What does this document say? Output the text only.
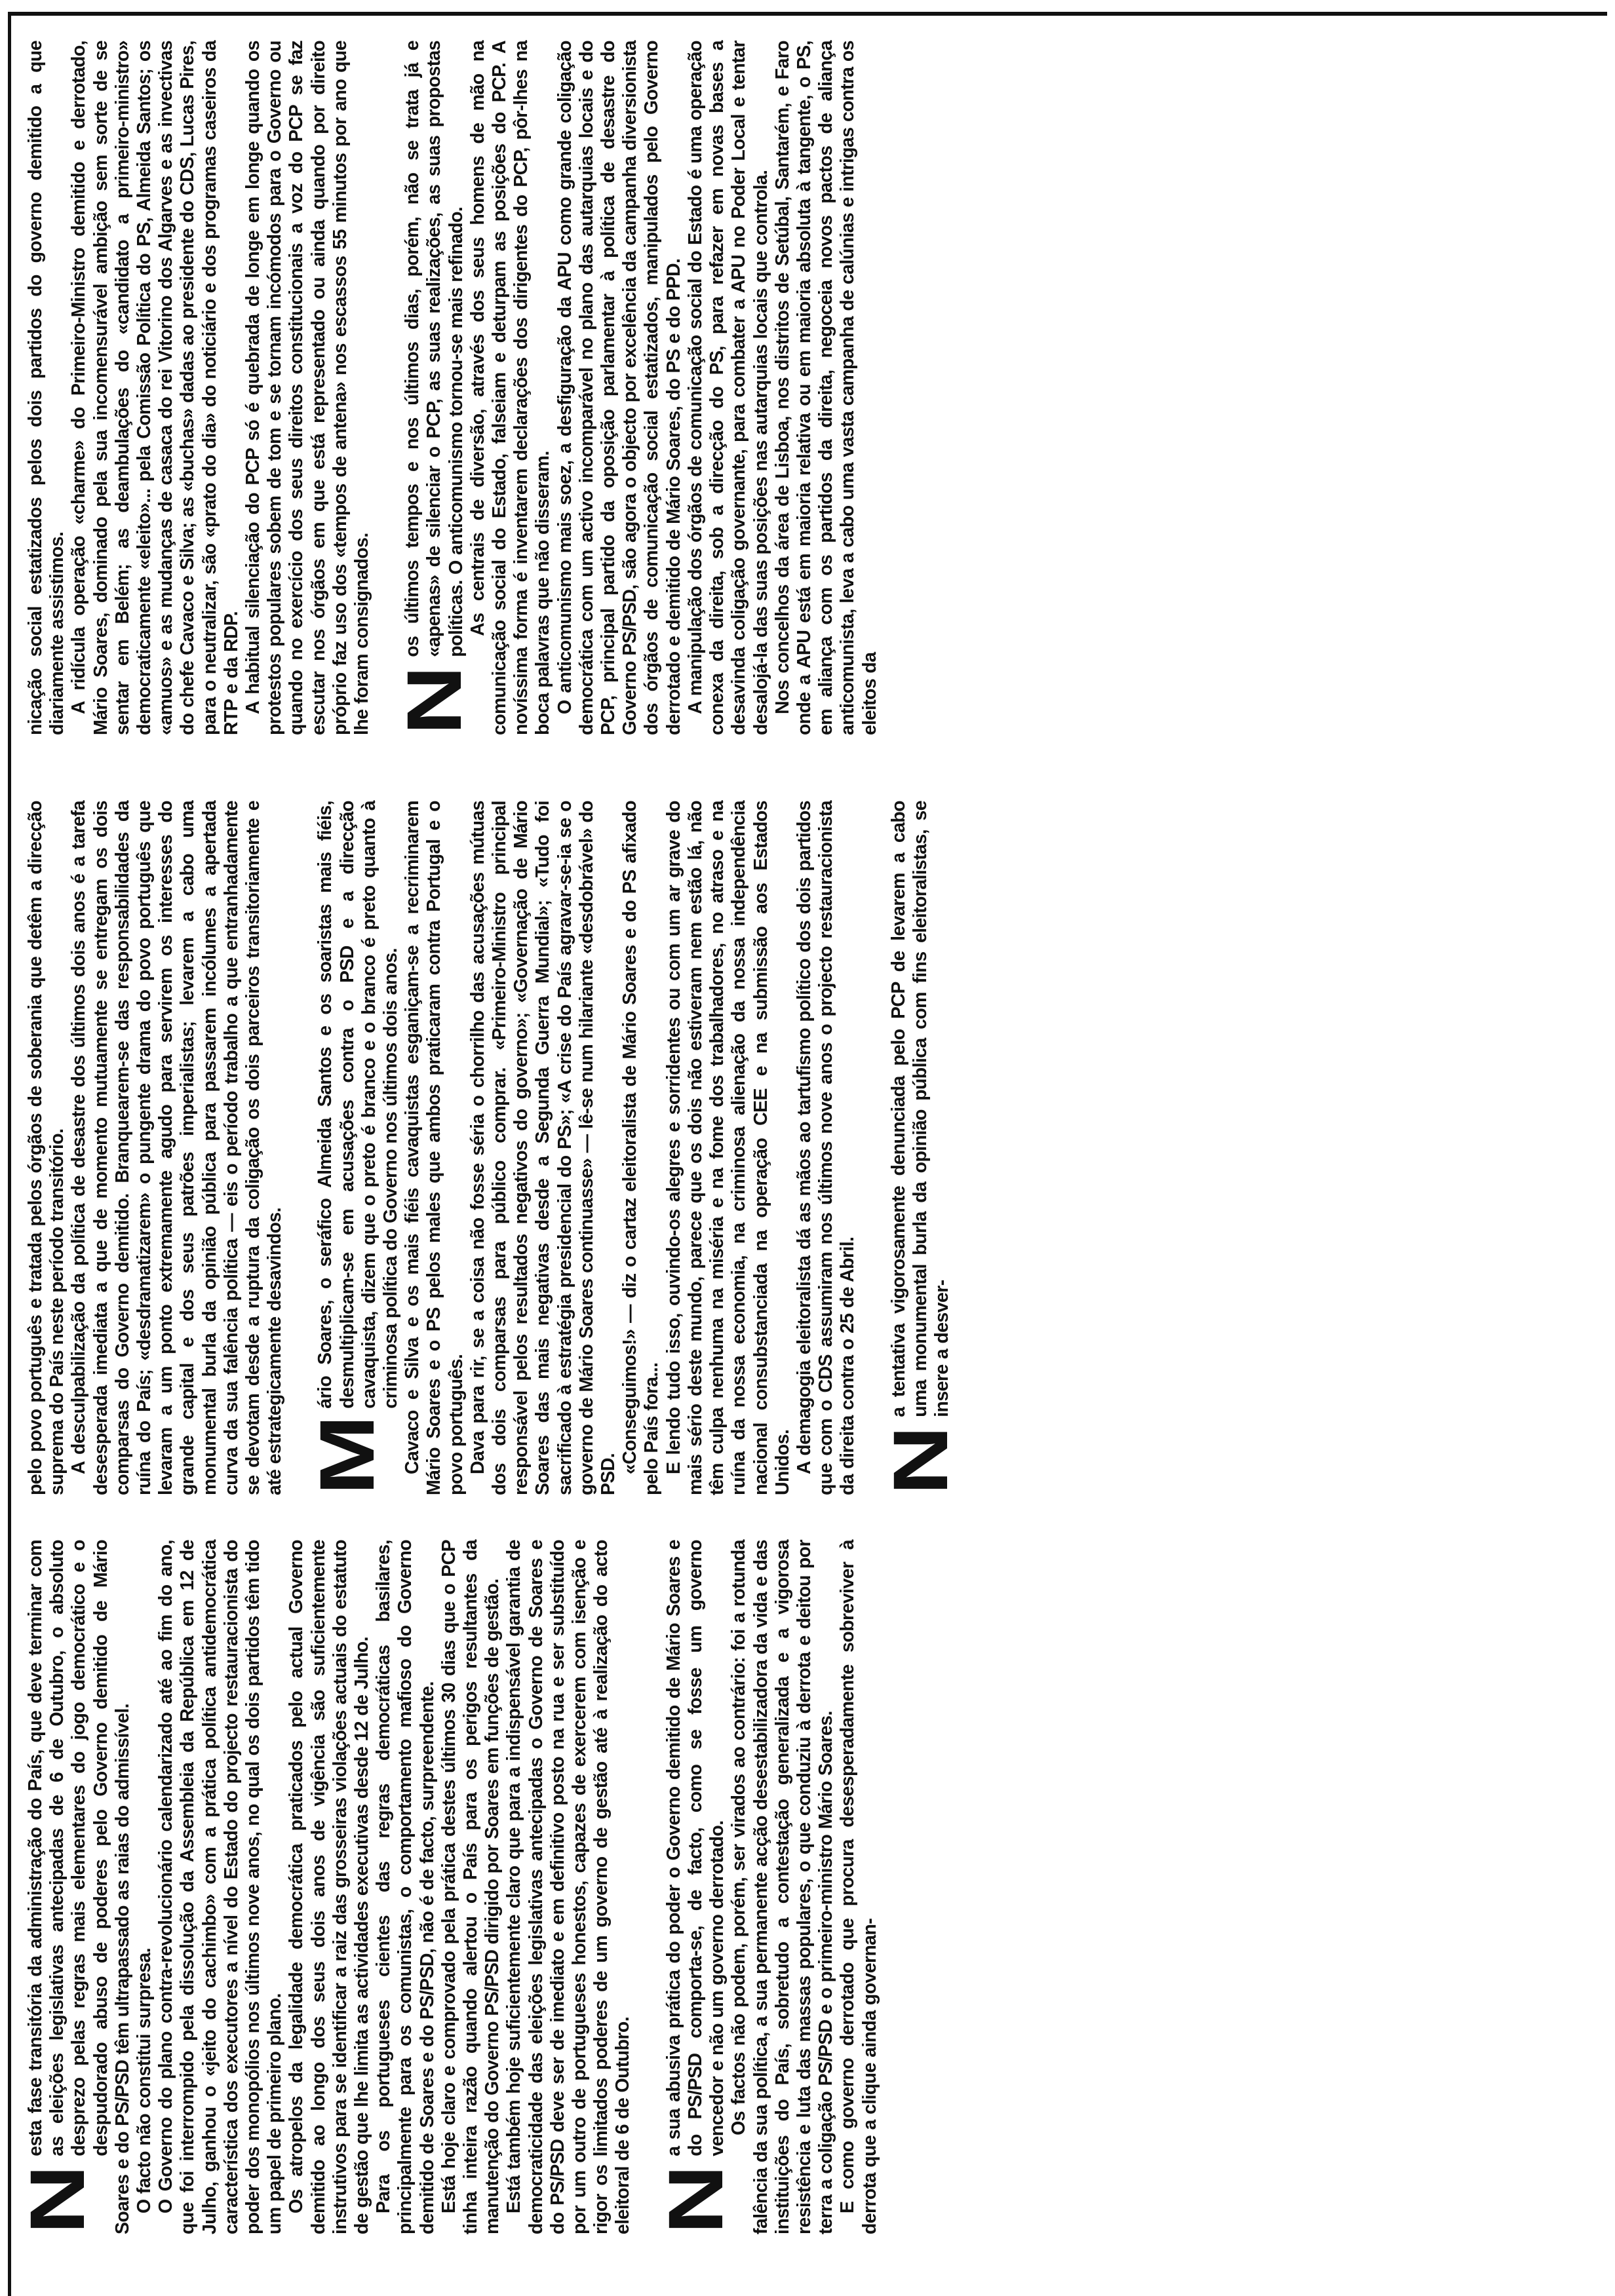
N
esta fase transitória da administração do País, que deve terminar com as eleições legislativas antecipadas de 6 de Outubro, o absoluto desprezo pelas regras mais elementares do jogo democrático e o despudorado abuso de poderes pelo Governo demitido de Mário Soares e do PS/PSD têm ultrapassado as raias do admissível. O facto não constitui surpresa. O Governo do plano contra-revolucionário calendarizado até ao fim do ano, que foi interrompido pela dissolução da Assembleia da República em 12 de Julho, ganhou o «jeito do cachimbo» com a prática política antidemocrática característica dos executores a nível do Estado do projecto restauracionista do poder dos monopólios nos últimos nove anos, no qual os dois partidos têm tido um papel de primeiro plano. Os atropelos da legalidade democrática praticados pelo actual Governo demitido ao longo dos seus dois anos de vigência são suficientemente instrutivos para se identificar a raiz das grosseiras violações actuais do estatuto de gestão que lhe limita as actividades executivas desde 12 de Julho. Para os portugueses cientes das regras democráticas basilares, principalmente para os comunistas, o comportamento mafioso do Governo demitido de Soares e do PS/PSD, não é de facto, surpreendente. Está hoje claro e comprovado pela prática destes últimos 30 dias que o PCP tinha inteira razão quando alertou o País para os perigos resultantes da manutenção do Governo PS/PSD dirigido por Soares em funções de gestão. Está também hoje suficientemente claro que para a indispensável garantia de democraticidade das eleições legislativas antecipadas o Governo de Soares e do PS/PSD deve ser de imediato e em definitivo posto na rua e ser substituído por um outro de portugueses honestos, capazes de exercerem com isenção e rigor os limitados poderes de um governo de gestão até à realização do acto eleitoral de 6 de Outubro. N
a sua abusiva prática do poder o Governo demitido de Mário Soares e do PS/PSD comporta-se, de facto, como se fosse um governo vencedor e não um governo derrotado. Os factos não podem, porém, ser virados ao contrário: foi a rotunda falência da sua política, a sua permanente acção desestabilizadora da vida e das instituições do País, sobretudo a contestação generalizada e a vigorosa resistência e luta das massas populares, o que conduziu à derrota e deitou por terra a coligação PS/PSD e o primeiro-ministro Mário Soares. E como governo derrotado que procura desesperadamente sobreviver à derrota que a clique ainda governan-

pelo povo português e tratada pelos órgãos de soberania que detêm a direcção suprema do País neste período transitório. A desculpabilização da política de desastre dos últimos dois anos é a tarefa desesperada imediata a que de momento mutuamente se entregam os dois comparsas do Governo demitido. Branquearem-se das responsabilidades da ruína do País; «desdramatizarem» o pungente drama do povo português que levaram a um ponto extremamente agudo para servirem os interesses do grande capital e dos seus patrões imperialistas; levarem a cabo uma monumental burla da opinião pública para passarem incólumes a apertada curva da sua falência política — eis o período trabalho a que entranhadamente se devotam desde a ruptura da coligação os dois parceiros transitoriamente e até estrategicamente desavindos. M
ário Soares, o seráfico Almeida Santos e os soaristas mais fiéis, desmultiplicam-se em acusações contra o PSD e a direcção cavaquista, dizem que o preto é branco e o branco é preto quanto à criminosa política do Governo nos últimos dois anos. Cavaco e Silva e os mais fiéis cavaquistas esganiçam-se a recriminarem Mário Soares e o PS pelos males que ambos praticaram contra Portugal e o povo português. Dava para rir, se a coisa não fosse séria o chorrilho das acusações mútuas dos dois comparsas para público comprar. «Primeiro-Ministro principal responsável pelos resultados negativos do governo»; «Governação de Mário Soares das mais negativas desde a Segunda Guerra Mundial»; «Tudo foi sacrificado à estratégia presidencial do PS»; «A crise do País agravar-se-ia se o governo de Mário Soares continuasse» — lê-se num hilariante «desdobrável» do PSD. «Conseguimos!» — diz o cartaz eleitoralista de Mário Soares e do PS afixado pelo País fora... E lendo tudo isso, ouvindo-os alegres e sorridentes ou com um ar grave do mais sério deste mundo, parece que os dois não estiveram nem estão lá, não têm culpa nenhuma na miséria e na fome dos trabalhadores, no atraso e na ruína da nossa economia, na criminosa alienação da nossa independência nacional consubstanciada na operação CEE e na submissão aos Estados Unidos. A demagogia eleitoralista dá as mãos ao tartufismo político dos dois partidos que com o CDS assumiram nos últimos nove anos o projecto restauracionista da direita contra o 25 de Abril. N
a tentativa vigorosamente denunciada pelo PCP de levarem a cabo uma monumental burla da opinião pública com fins eleitoralistas, se insere a desver-

nicação social estatizados pelos dois partidos do governo demitido a que diariamente assistimos. A ridícula operação «charme» do Primeiro-Ministro demitido e derrotado, Mário Soares, dominado pela sua incomensurável ambição sem sorte de se sentar em Belém; as deambulações do «candidato a primeiro-ministro» democraticamente «eleito»... pela Comissão Política do PS, Almeida Santos; os «amuos» e as mudanças de casaca do rei Vitorino dos Algarves e as invectivas do chefe Cavaco e Silva; as «buchas» dadas ao presidente do CDS, Lucas Pires, para o neutralizar, são «prato do dia» do noticiário e dos programas caseiros da RTP e da RDP. A habitual silenciação do PCP só é quebrada de longe em longe quando os protestos populares sobem de tom e se tornam incómodos para o Governo ou quando no exercício dos seus direitos constitucionais a voz do PCP se faz escutar nos órgãos em que está representado ou ainda quando por direito próprio faz uso dos «tempos de antena» nos escassos 55 minutos por ano que lhe foram consignados. N
os últimos tempos e nos últimos dias, porém, não se trata já e «apenas» de silenciar o PCP, as suas realizações, as suas propostas políticas. O anticomunismo tornou-se mais refinado. As centrais de diversão, através dos seus homens de mão na comunicação social do Estado, falseiam e deturpam as posições do PCP. A novíssima forma é inventarem declarações dos dirigentes do PCP, pôr-lhes na boca palavras que não disseram. O anticomunismo mais soez, a desfiguração da APU como grande coligação democrática com um activo incomparável no plano das autarquias locais e do PCP, principal partido da oposição parlamentar à política de desastre do Governo PS/PSD, são agora o objecto por excelência da campanha diversionista dos órgãos de comunicação social estatizados, manipulados pelo Governo derrotado e demitido de Mário Soares, do PS e do PPD. A manipulação dos órgãos de comunicação social do Estado é uma operação conexa da direita, sob a direcção do PS, para refazer em novas bases a desavinda coligação governante, para combater a APU no Poder Local e tentar desalojá-la das suas posições nas autarquias locais que controla. Nos concelhos da área de Lisboa, nos distritos de Setúbal, Santarém, e Faro onde a APU está em maioria relativa ou em maioria absoluta à tangente, o PS, em aliança com os partidos da direita, negoceia novos pactos de aliança anticomunista, leva a cabo uma vasta campanha de calúnias e intrigas contra os eleitos da
